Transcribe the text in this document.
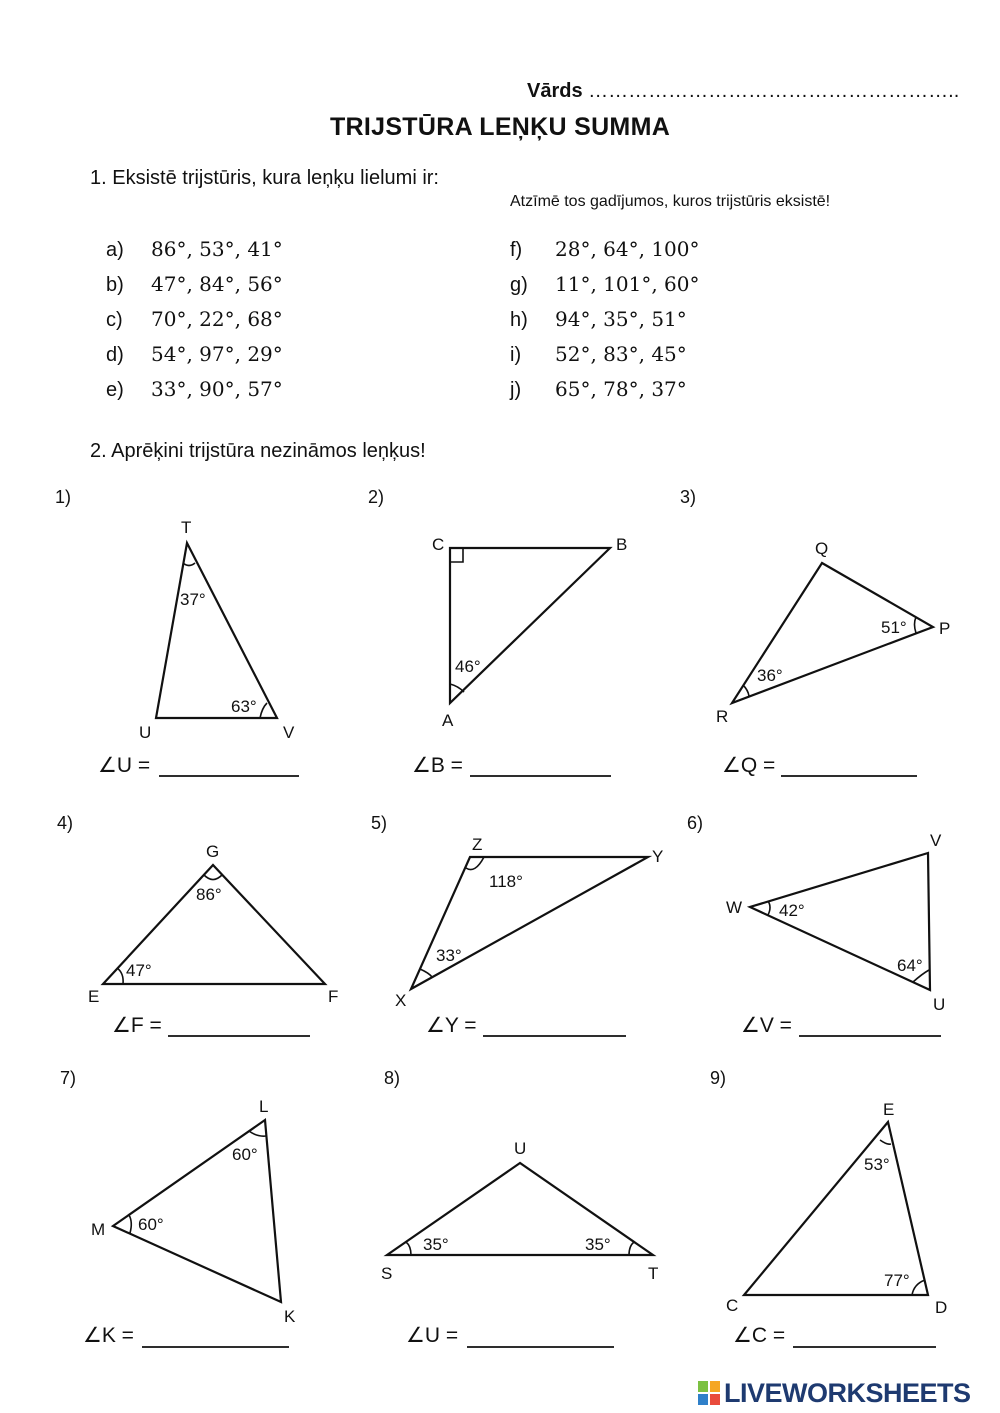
Vārds ………………………………………………..
TRIJSTŪRA LEŅĶU SUMMA
1. Eksistē trijstūris, kura leņķu lielumi ir:
Atzīmē tos gadījumos, kuros trijstūris eksistē!
a) 86°, 53°, 41°
b) 47°, 84°, 56°
c) 70°, 22°, 68°
d) 54°, 97°, 29°
e) 33°, 90°, 57°
f) 28°, 64°, 100°
g) 11°, 101°, 60°
h) 94°, 35°, 51°
i) 52°, 83°, 45°
j) 65°, 78°, 37°
2. Aprēķini trijstūra nezināmos leņķus!
1)	2)	3)
4)	5)	6)
7)	8)	9)
T
U	V
37°
63°
C	B
A
46°
Q
P
R
51°
36°
G
E	F
86°
47°
Z
Y
X
118°
33°
V
W
U
42°
64°
L
M
K
60°
60°
U
S	T
35°	35°
E
C	D
53°
77°
∠U =	∠B =	∠Q =
∠F =	∠Y =	∠V =
∠K =	∠U =	∠C =
LIVEWORKSHEETS
